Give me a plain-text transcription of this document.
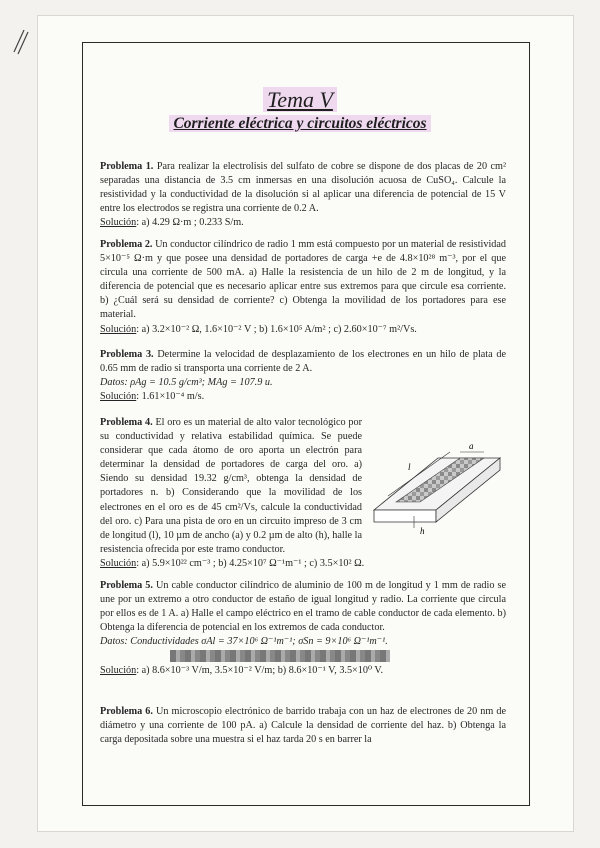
Tema V
Corriente eléctrica y circuitos eléctricos
Problema 1. Para realizar la electrolisis del sulfato de cobre se dispone de dos placas de 20 cm² separadas una distancia de 3.5 cm inmersas en una disolución acuosa de CuSO₄. Calcule la resistividad y la conductividad de la disolución si al aplicar una diferencia de potencial de 15 V entre los electrodos se registra una corriente de 0.2 A.
Solución: a) 4.29 Ω·m ; 0.233 S/m.
Problema 2. Un conductor cilíndrico de radio 1 mm está compuesto por un material de resistividad 5×10⁻⁵ Ω·m y que posee una densidad de portadores de carga +e de 4.8×10²⁸ m⁻³, por el que circula una corriente de 500 mA. a) Halle la resistencia de un hilo de 2 m de longitud, y la diferencia de potencial que es necesario aplicar entre sus extremos para que circule esa corriente. b) ¿Cuál será su densidad de corriente? c) Obtenga la movilidad de los portadores para ese material.
Solución: a) 3.2×10⁻² Ω, 1.6×10⁻² V ; b) 1.6×10⁵ A/m² ; c) 2.60×10⁻⁷ m²/Vs.
Problema 3. Determine la velocidad de desplazamiento de los electrones en un hilo de plata de 0.65 mm de radio si transporta una corriente de 2 A.
Datos: ρAg = 10.5 g/cm³; MAg = 107.9 u.
Solución: 1.61×10⁻⁴ m/s.
Problema 4. El oro es un material de alto valor tecnológico por su conductividad y relativa estabilidad química. Se puede considerar que cada átomo de oro aporta un electrón para determinar la densidad de portadores de carga del oro. a) Siendo su densidad 19.32 g/cm³, obtenga la densidad de portadores n. b) Considerando que la movilidad de los electrones en el oro es de 45 cm²/Vs, calcule la conductividad del oro. c) Para una pista de oro en un circuito impreso de 3 cm de longitud (l), 10 µm de ancho (a) y 0.2 µm de alto (h), halle la resistencia ofrecida por este tramo conductor.
Solución: a) 5.9×10²² cm⁻³ ; b) 4.25×10⁷ Ω⁻¹m⁻¹ ; c) 3.5×10² Ω.
a
l
h
Problema 5. Un cable conductor cilíndrico de aluminio de 100 m de longitud y 1 mm de radio se une por un extremo a otro conductor de estaño de igual longitud y radio. La corriente que circula por ellos es de 1 A. a) Halle el campo eléctrico en el tramo de cable conductor de cada elemento. b) Obtenga la diferencia de potencial en los extremos de cada conductor.
Datos: Conductividades σAl = 37×10⁶ Ω⁻¹m⁻¹; σSn = 9×10⁶ Ω⁻¹m⁻¹.
Solución: a) 8.6×10⁻³ V/m, 3.5×10⁻² V/m; b) 8.6×10⁻¹ V, 3.5×10⁰ V.
Problema 6. Un microscopio electrónico de barrido trabaja con un haz de electrones de 20 nm de diámetro y una corriente de 100 pA. a) Calcule la densidad de corriente del haz. b) Obtenga la carga depositada sobre una muestra si el haz tarda 20 s en barrer la
